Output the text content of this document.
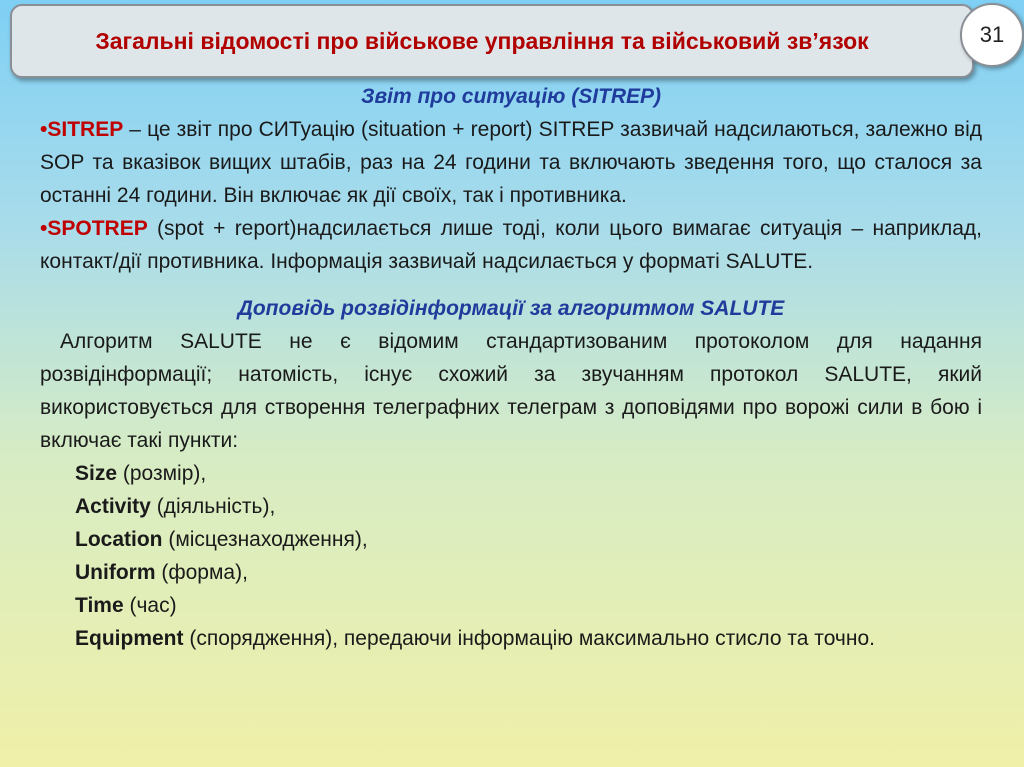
Загальні відомості про військове управління та військовий зв’язок	31
Звіт про ситуацію (SITREP)

•SITREP – це звіт про СИТуацію (situation + report) SITREP зазвичай надсилаються, залежно від SOP та вказівок вищих штабів, раз на 24 години та включають зведення того, що сталося за останні 24 години. Він включає як дії своїх, так і противника.

•SPOTREP (spot + report)надсилається лише тоді, коли цього вимагає ситуація – наприклад, контакт/дії противника. Інформація зазвичай надсилається у форматі SALUTE.

Доповідь розвідінформації за алгоритмом SALUTE

Алгоритм SALUTE не є відомим стандартизованим протоколом для надання розвідінформації; натомість, існує схожий за звучанням протокол SALUTE, який використовується для створення телеграфних телеграм з доповідями про ворожі сили в бою і включає такі пункти:

Size (розмір),

Activity (діяльність),

Location (місцезнаходження),

Uniform (форма),

Time (час)

Equipment (спорядження), передаючи інформацію максимально стисло та точно.
